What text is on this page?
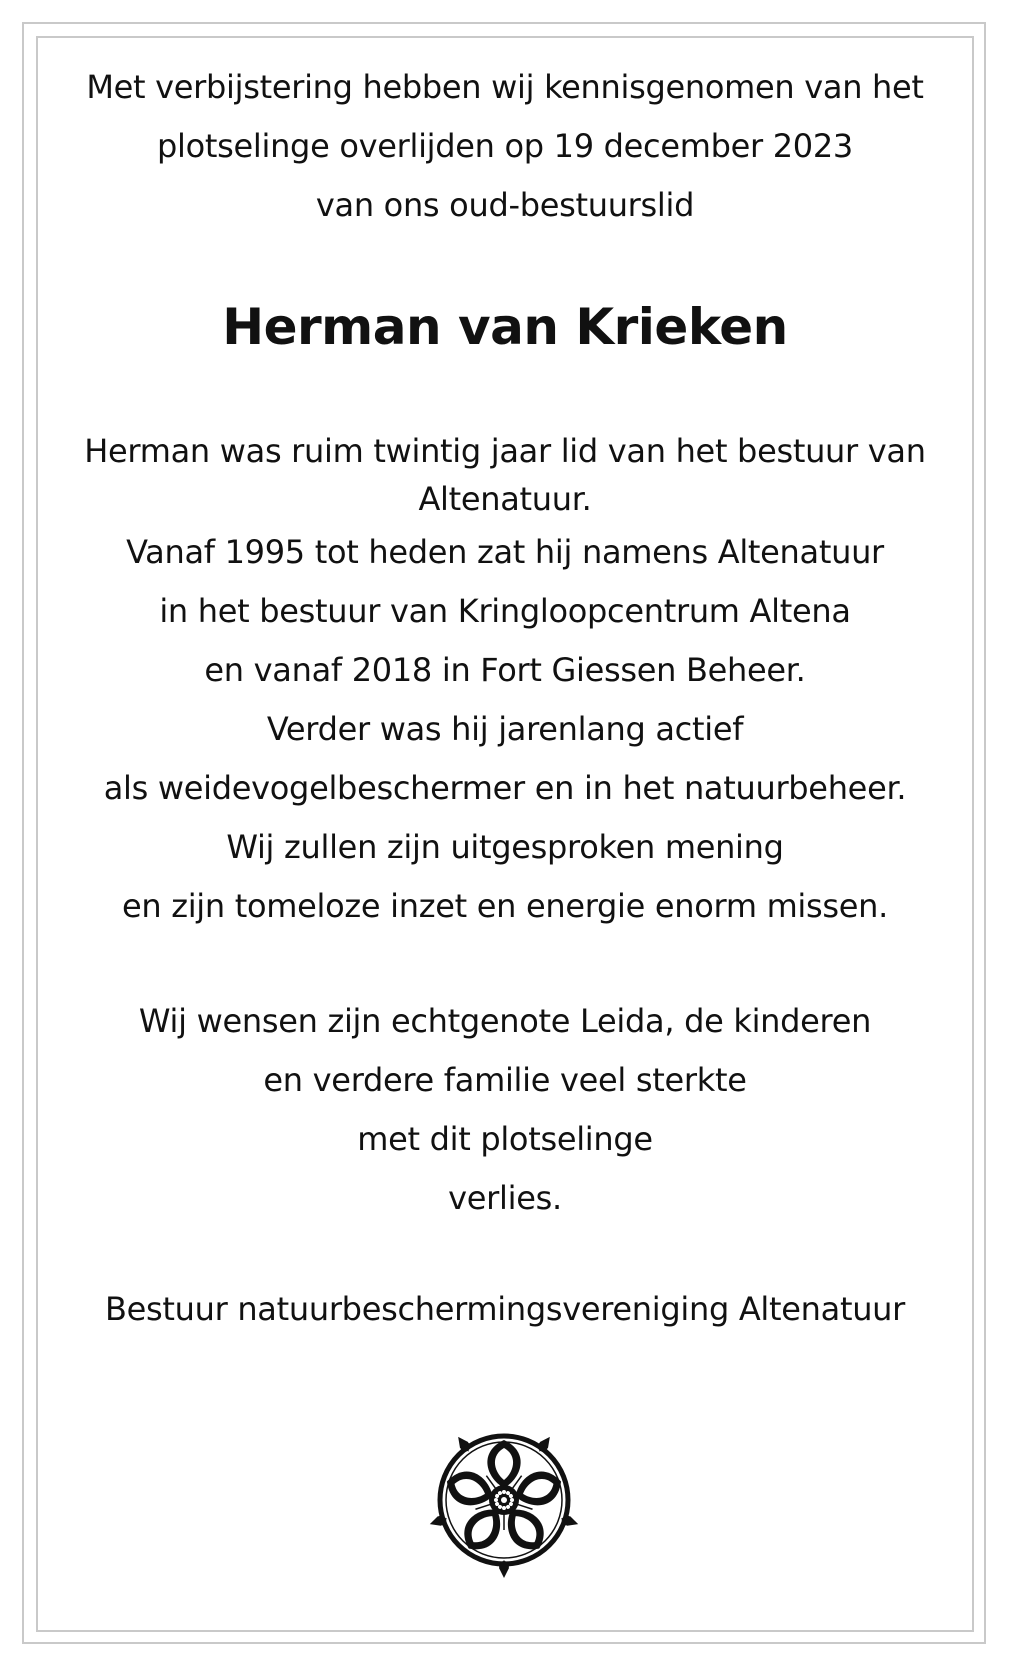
Met verbijstering hebben wij kennisgenomen van het
plotselinge overlijden op 19 december 2023
van ons oud-bestuurslid
Herman van Krieken
Herman was ruim twintig jaar lid van het bestuur van
Altenatuur.
Vanaf 1995 tot heden zat hij namens Altenatuur
in het bestuur van Kringloopcentrum Altena
en vanaf 2018 in Fort Giessen Beheer.
Verder was hij jarenlang actief
als weidevogelbeschermer en in het natuurbeheer.
Wij zullen zijn uitgesproken mening
en zijn tomeloze inzet en energie enorm missen.
Wij wensen zijn echtgenote Leida, de kinderen
en verdere familie veel sterkte
met dit plotselinge
verlies.
Bestuur natuurbeschermingsvereniging Altenatuur
